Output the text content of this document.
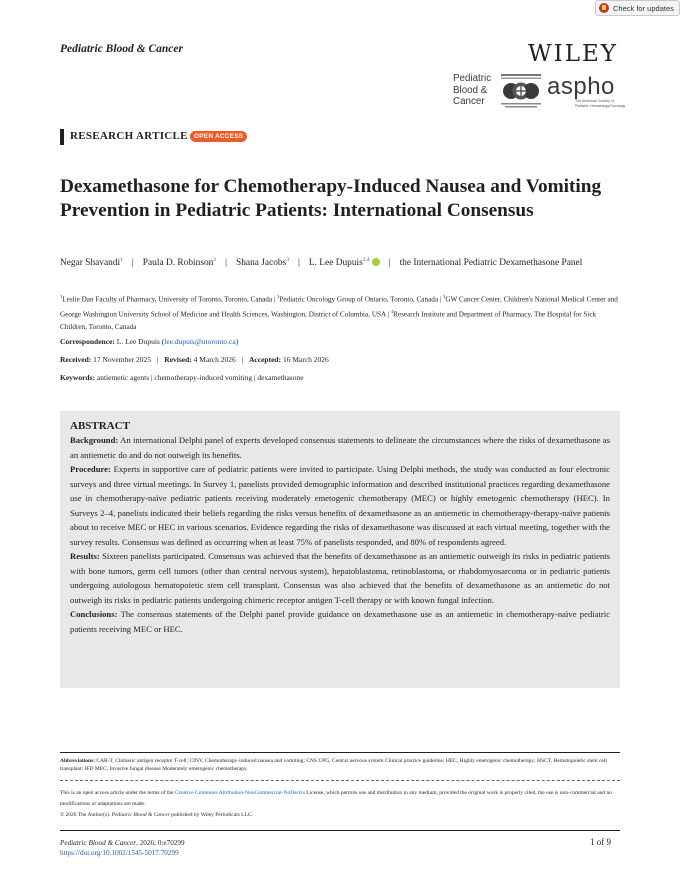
Check for updates
Pediatric Blood & Cancer	WILEY
Pediatric
Blood &
Cancer
aspho
The American Society of
Pediatric Hematology/Oncology
RESEARCH ARTICLE OPEN ACCESS
Dexamethasone for Chemotherapy-Induced Nausea and Vomiting Prevention in Pediatric Patients: International Consensus
Negar Shavandi$^1$ | Paula D. Robinson$^2$ | Shana Jacobs$^3$ | L. Lee Dupuis$^{1,4}$ | the International Pediatric Dexamethasone Panel
$^1$Leslie Dan Faculty of Pharmacy, University of Toronto, Toronto, Canada | $^2$Pediatric Oncology Group of Ontario, Toronto, Canada | $^3$GW Cancer Center, Children's National Medical Center and George Washington University School of Medicine and Health Sciences, Washington, District of Columbia, USA | $^4$Research Institute and Department of Pharmacy, The Hospital for Sick Children, Toronto, Canada
Correspondence: L. Lee Dupuis (lee.dupuis@utoronto.ca)
Received: 17 November 2025 | Revised: 4 March 2026 | Accepted: 16 March 2026
Keywords: antiemetic agents | chemotherapy-induced vomiting | dexamethasone
ABSTRACT

Background: An international Delphi panel of experts developed consensus statements to delineate the circumstances where the risks of dexamethasone as an antiemetic do and do not outweigh its benefits.

Procedure: Experts in supportive care of pediatric patients were invited to participate. Using Delphi methods, the study was conducted as four electronic surveys and three virtual meetings. In Survey 1, panelists provided demographic information and described institutional practices regarding dexamethasone use in chemotherapy-naïve pediatric patients receiving moderately emetogenic chemotherapy (MEC) or highly emetogenic chemotherapy (HEC). In Surveys 2–4, panelists indicated their beliefs regarding the risks versus benefits of dexamethasone as an antiemetic in chemotherapy-therapy-naïve patients about to receive MEC or HEC in various scenarios. Evidence regarding the risks of dexamethasone was discussed at each virtual meeting, together with the survey results. Consensus was defined as occurring when at least 75% of panelists responded, and 80% of respondents agreed.

Results: Sixteen panelists participated. Consensus was achieved that the benefits of dexamethasone as an antiemetic outweigh its risks in pediatric patients with bone tumors, germ cell tumors (other than central nervous system), hepatoblastoma, retinoblastoma, or rhabdomyosarcoma or in pediatric patients undergoing autologous hematopoietic stem cell transplant. Consensus was also achieved that the benefits of dexamethasone as an antiemetic do not outweigh its risks in pediatric patients undergoing chimeric receptor antigen T-cell therapy or with known fungal infection.

Conclusions: The consensus statements of the Delphi panel provide guidance on dexamethasone use as an antiemetic in chemotherapy-naïve pediatric patients receiving MEC or HEC.

Abbreviations: CAR-T, Chimeric antigen receptor T-cell; CINV, Chemotherapy-induced nausea and vomiting; CNS CPG, Central nervous system Clinical practice guideline; HEC, Highly emetogenic chemotherapy; HSCT, Hematopoietic stem cell transplant; IFD MEC, Invasive fungal disease Moderately emetogenic chemotherapy.
This is an open access article under the terms of the Creative Commons Attribution-NonCommercial-NoDerivs License, which permits use and distribution in any medium, provided the original work is properly cited, the use is non-commercial and no modifications or adaptations are made.
© 2026 The Author(s). Pediatric Blood & Cancer published by Wiley Periodicals LLC.
Pediatric Blood & Cancer, 2026; 0:e70299
https://doi.org/10.1002/1545-5017.70299
1 of 9
